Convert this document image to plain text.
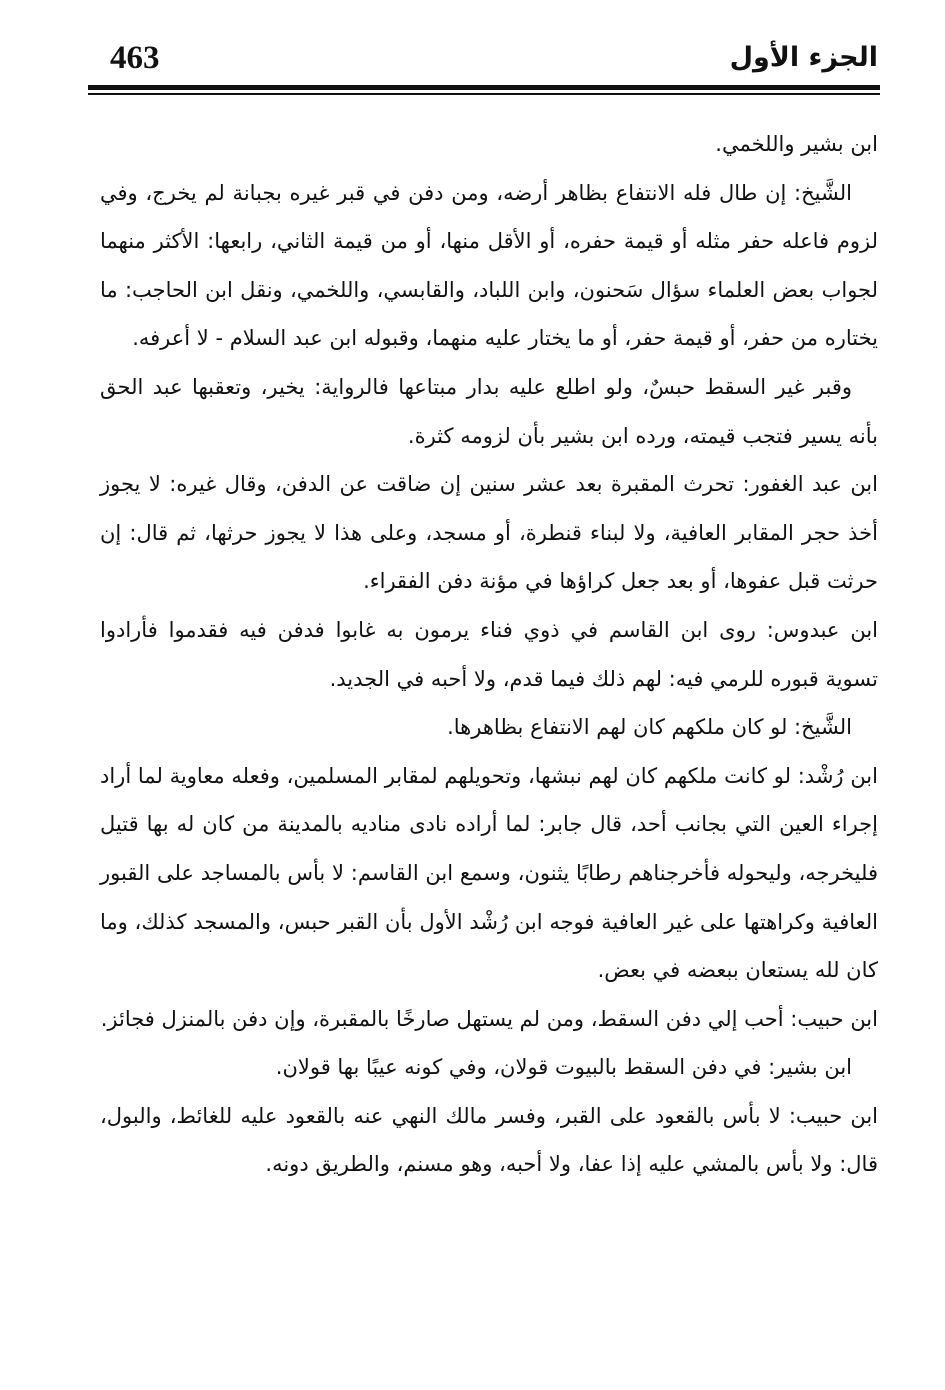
463	الجزء الأول

ابن بشير واللخمي.

الشَّيخ: إن طال فله الانتفاع بظاهر أرضه، ومن دفن في قبر غيره بجبانة لم يخرج، وفي لزوم فاعله حفر مثله أو قيمة حفره، أو الأقل منها، أو من قيمة الثاني، رابعها: الأكثر منهما لجواب بعض العلماء سؤال سَحنون، وابن اللباد، والقابسي، واللخمي، ونقل ابن الحاجب: ما يختاره من حفر، أو قيمة حفر، أو ما يختار عليه منهما، وقبوله ابن عبد السلام - لا أعرفه.

وقبر غير السقط حبسٌ، ولو اطلع عليه بدار مبتاعها فالرواية: يخير، وتعقبها عبد الحق بأنه يسير فتجب قيمته، ورده ابن بشير بأن لزومه كثرة.

ابن عبد الغفور: تحرث المقبرة بعد عشر سنين إن ضاقت عن الدفن، وقال غيره: لا يجوز أخذ حجر المقابر العافية، ولا لبناء قنطرة، أو مسجد، وعلى هذا لا يجوز حرثها، ثم قال: إن حرثت قبل عفوها، أو بعد جعل كراؤها في مؤنة دفن الفقراء.

ابن عبدوس: روى ابن القاسم في ذوي فناء يرمون به غابوا فدفن فيه فقدموا فأرادوا تسوية قبوره للرمي فيه: لهم ذلك فيما قدم، ولا أحبه في الجديد.

الشَّيخ: لو كان ملكهم كان لهم الانتفاع بظاهرها.

ابن رُشْد: لو كانت ملكهم كان لهم نبشها، وتحويلهم لمقابر المسلمين، وفعله معاوية لما أراد إجراء العين التي بجانب أحد، قال جابر: لما أراده نادى مناديه بالمدينة من كان له بها قتيل فليخرجه، وليحوله فأخرجناهم رطابًا يثنون، وسمع ابن القاسم: لا بأس بالمساجد على القبور العافية وكراهتها على غير العافية فوجه ابن رُشْد الأول بأن القبر حبس، والمسجد كذلك، وما كان لله يستعان ببعضه في بعض.

ابن حبيب: أحب إلي دفن السقط، ومن لم يستهل صارخًا بالمقبرة، وإن دفن بالمنزل فجائز.

ابن بشير: في دفن السقط بالبيوت قولان، وفي كونه عيبًا بها قولان.

ابن حبيب: لا بأس بالقعود على القبر، وفسر مالك النهي عنه بالقعود عليه للغائط، والبول، قال: ولا بأس بالمشي عليه إذا عفا، ولا أحبه، وهو مسنم، والطريق دونه.
